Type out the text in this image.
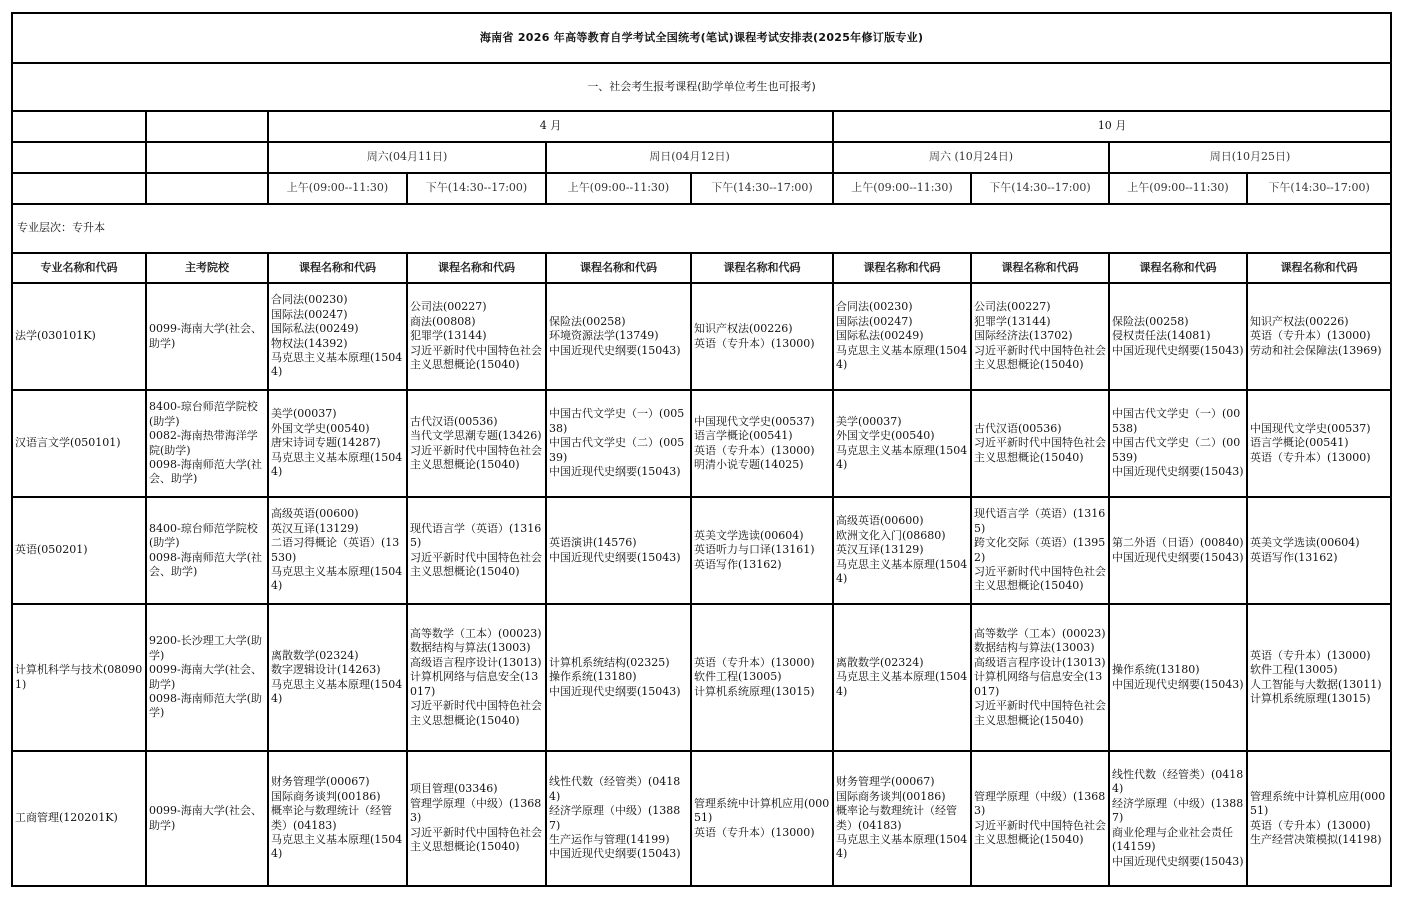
海南省 2026 年高等教育自学考试全国统考(笔试)课程考试安排表(2025年修订版专业)									
一、社会考生报考课程(助学单位考生也可报考)									
		4 月				10 月			
		周六(04月11日)		周日(04月12日)		周六 (10月24日)		周日(10月25日)	
		上午(09:00--11:30)	下午(14:30--17:00)	上午(09:00--11:30)	下午(14:30--17:00)	上午(09:00--11:30)	下午(14:30--17:00)	上午(09:00--11:30)	下午(14:30--17:00)
专业层次：专升本									
专业名称和代码	主考院校	课程名称和代码	课程名称和代码	课程名称和代码	课程名称和代码	课程名称和代码	课程名称和代码	课程名称和代码	课程名称和代码
法学(030101K)	0099-海南大学(社会、助学)	合同法(00230)
国际法(00247)
国际私法(00249)
物权法(14392)
马克思主义基本原理(15044)	公司法(00227)
商法(00808)
犯罪学(13144)
习近平新时代中国特色社会主义思想概论(15040)	保险法(00258)
环境资源法学(13749)
中国近现代史纲要(15043)	知识产权法(00226)
英语（专升本）(13000)	合同法(00230)
国际法(00247)
国际私法(00249)
马克思主义基本原理(15044)	公司法(00227)
犯罪学(13144)
国际经济法(13702)
习近平新时代中国特色社会主义思想概论(15040)	保险法(00258)
侵权责任法(14081)
中国近现代史纲要(15043)	知识产权法(00226)
英语（专升本）(13000)
劳动和社会保障法(13969)

汉语言文学(050101)	8400-琼台师范学院校(助学)
0082-海南热带海洋学院(助学)
0098-海南师范大学(社会、助学)	美学(00037)
外国文学史(00540)
唐宋诗词专题(14287)
马克思主义基本原理(15044)	古代汉语(00536)
当代文学思潮专题(13426)
习近平新时代中国特色社会主义思想概论(15040)	中国古代文学史（一）(00538)
中国古代文学史（二）(00539)
中国近现代史纲要(15043)	中国现代文学史(00537)
语言学概论(00541)
英语（专升本）(13000)
明清小说专题(14025)	美学(00037)
外国文学史(00540)
马克思主义基本原理(15044)	古代汉语(00536)
习近平新时代中国特色社会主义思想概论(15040)	中国古代文学史（一）(00538)
中国古代文学史（二）(00539)
中国近现代史纲要(15043)	中国现代文学史(00537)
语言学概论(00541)
英语（专升本）(13000)

英语(050201)	8400-琼台师范学院校(助学)
0098-海南师范大学(社会、助学)	高级英语(00600)
英汉互译(13129)
二语习得概论（英语）(13530)
马克思主义基本原理(15044)	现代语言学（英语）(13165)
习近平新时代中国特色社会主义思想概论(15040)	英语演讲(14576)
中国近现代史纲要(15043)	英美文学选读(00604)
英语听力与口译(13161)
英语写作(13162)	高级英语(00600)
欧洲文化入门(08680)
英汉互译(13129)
马克思主义基本原理(15044)	现代语言学（英语）(13165)
跨文化交际（英语）(13952)
习近平新时代中国特色社会主义思想概论(15040)	第二外语（日语）(00840)
中国近现代史纲要(15043)	英美文学选读(00604)
英语写作(13162)

计算机科学与技术(080901)	9200-长沙理工大学(助学)
0099-海南大学(社会、助学)
0098-海南师范大学(助学)	离散数学(02324)
数字逻辑设计(14263)
马克思主义基本原理(15044)	高等数学（工本）(00023)
数据结构与算法(13003)
高级语言程序设计(13013)
计算机网络与信息安全(13017)
习近平新时代中国特色社会主义思想概论(15040)	计算机系统结构(02325)
操作系统(13180)
中国近现代史纲要(15043)	英语（专升本）(13000)
软件工程(13005)
计算机系统原理(13015)	离散数学(02324)
马克思主义基本原理(15044)	高等数学（工本）(00023)
数据结构与算法(13003)
高级语言程序设计(13013)
计算机网络与信息安全(13017)
习近平新时代中国特色社会主义思想概论(15040)	操作系统(13180)
中国近现代史纲要(15043)	英语（专升本）(13000)
软件工程(13005)
人工智能与大数据(13011)
计算机系统原理(13015)

工商管理(120201K)	0099-海南大学(社会、助学)	财务管理学(00067)
国际商务谈判(00186)
概率论与数理统计（经管类）(04183)
马克思主义基本原理(15044)	项目管理(03346)
管理学原理（中级）(13683)
习近平新时代中国特色社会主义思想概论(15040)	线性代数（经管类）(04184)
经济学原理（中级）(13887)
生产运作与管理(14199)
中国近现代史纲要(15043)	管理系统中计算机应用(00051)
英语（专升本）(13000)	财务管理学(00067)
国际商务谈判(00186)
概率论与数理统计（经管类）(04183)
马克思主义基本原理(15044)	管理学原理（中级）(13683)
习近平新时代中国特色社会主义思想概论(15040)	线性代数（经管类）(04184)
经济学原理（中级）(13887)
商业伦理与企业社会责任(14159)
中国近现代史纲要(15043)	管理系统中计算机应用(00051)
英语（专升本）(13000)
生产经营决策模拟(14198)
